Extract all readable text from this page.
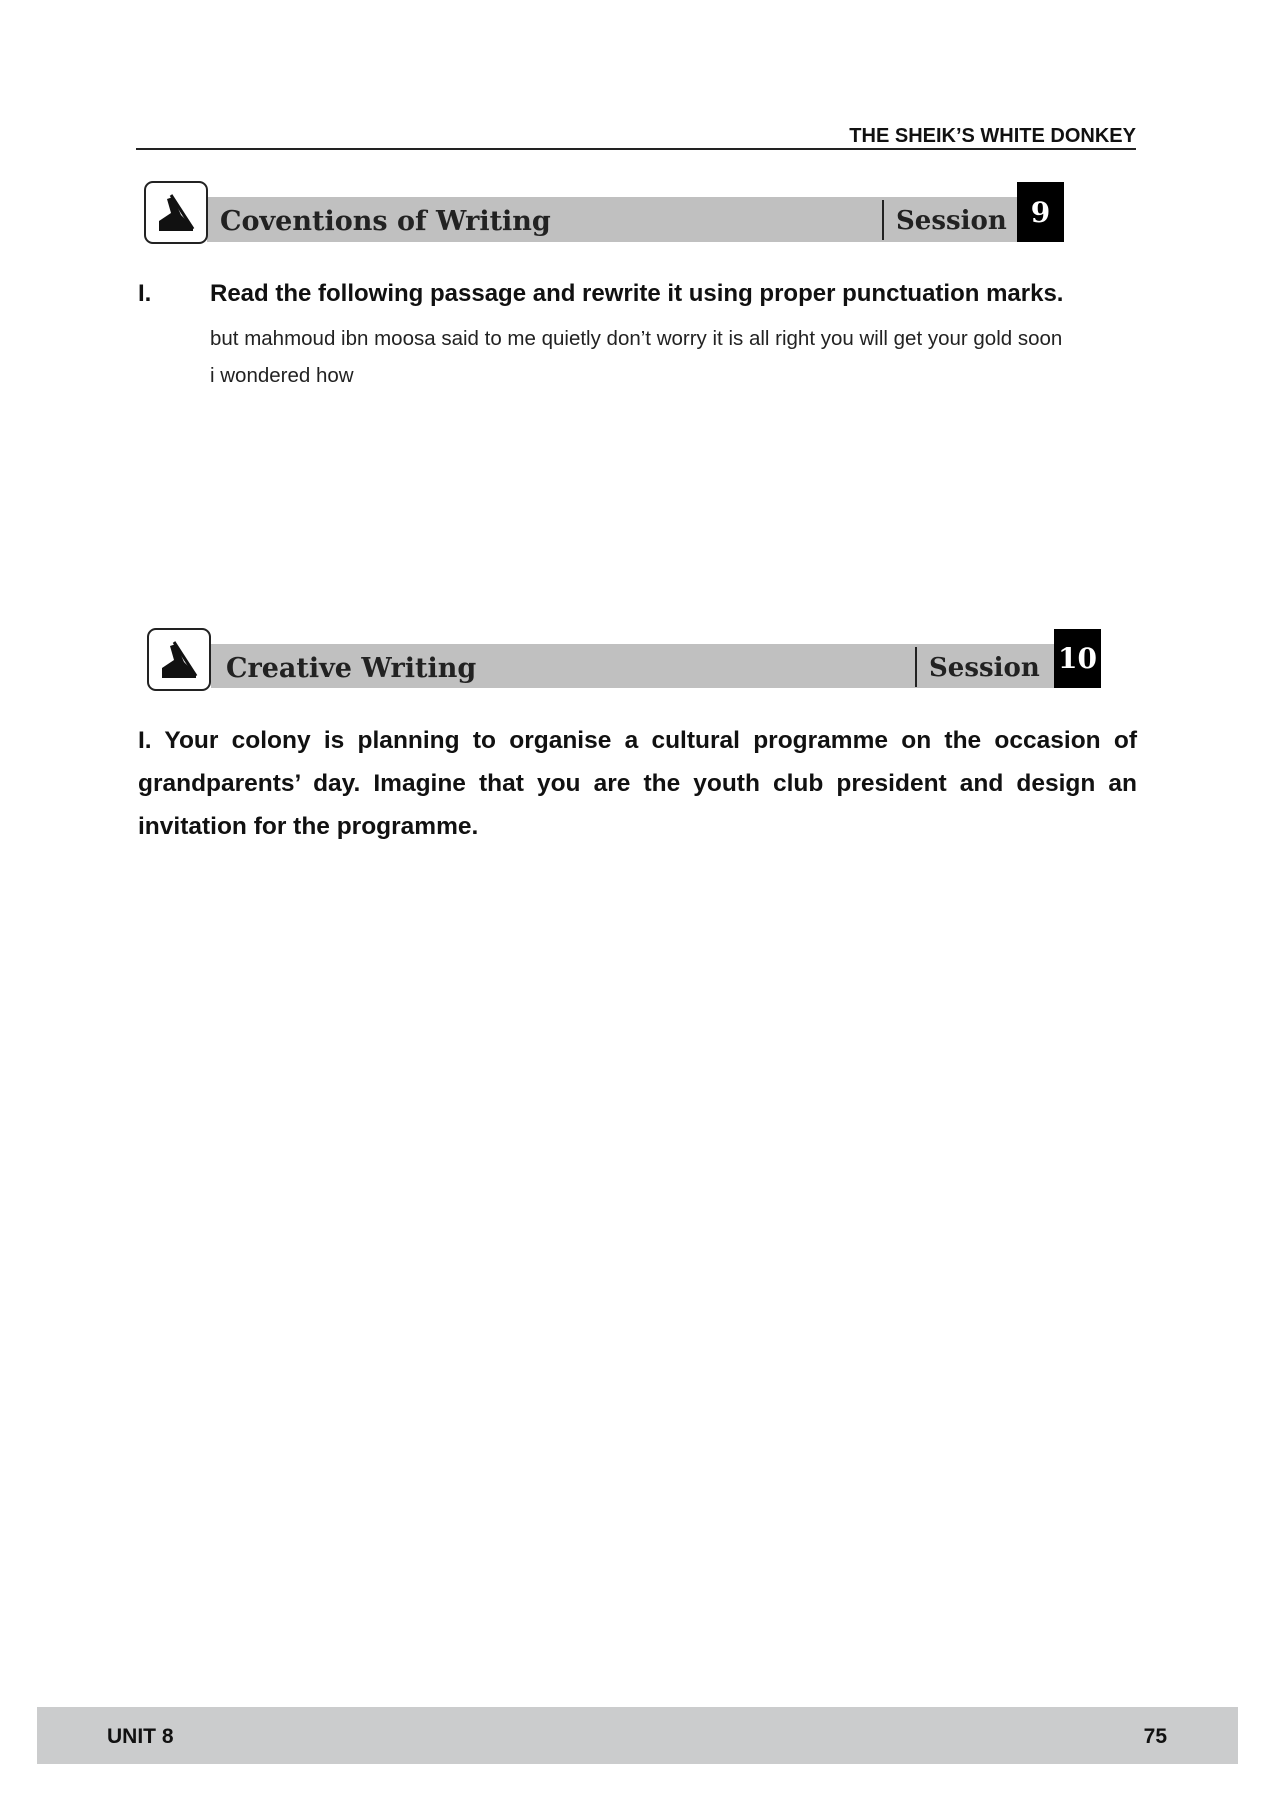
THE SHEIK’S WHITE DONKEY
Coventions of Writing	Session 9
I. Read the following passage and rewrite it using proper punctuation marks.
but mahmoud ibn moosa said to me quietly don’t worry it is all right you will get your gold soon
i wondered how
Creative Writing	Session 10
I. Your colony is planning to organise a cultural programme on the occasion of grandparents’ day. Imagine that you are the youth club president and design an invitation for the programme.
UNIT 8	75
